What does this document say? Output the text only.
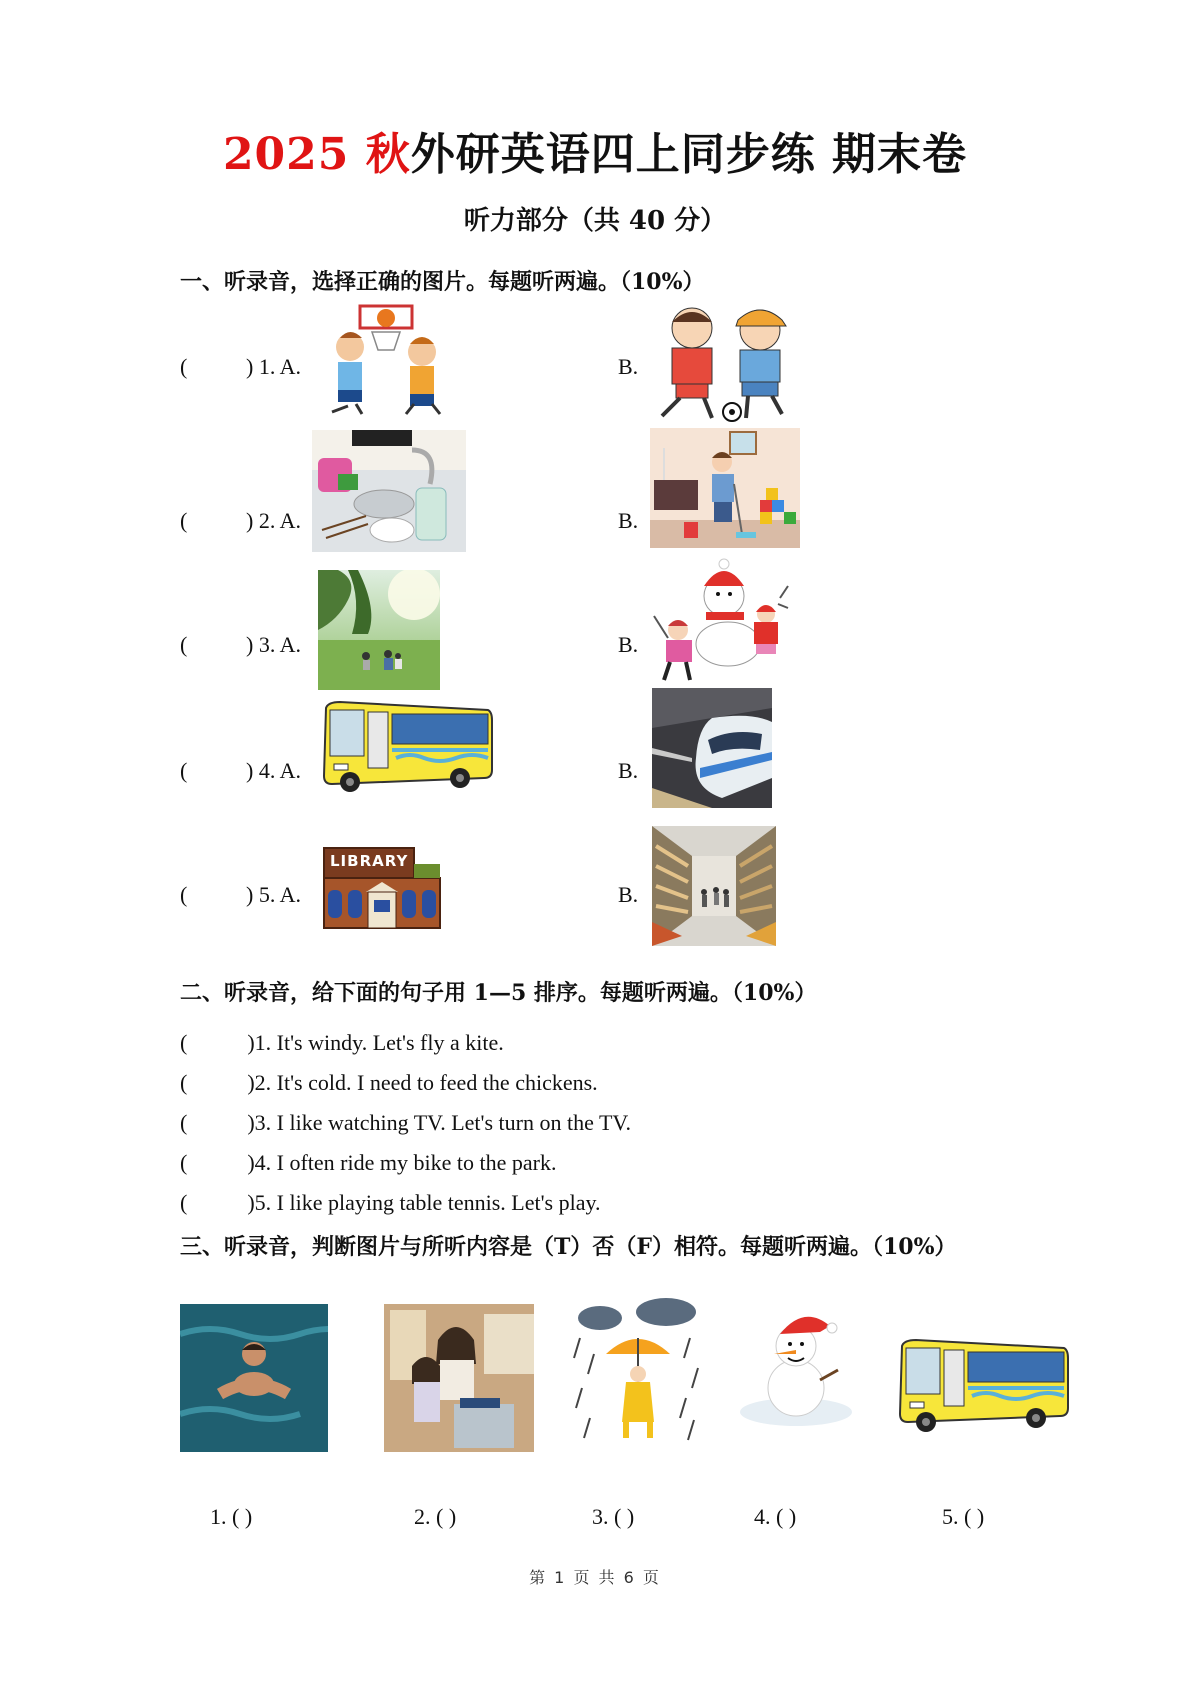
2025 秋外研英语四上同步练 期末卷
听力部分（共 40 分）
一、听录音，选择正确的图片。每题听两遍。（10%）
(	) 1. A.	B.
(	) 2. A.	B.
(	) 3. A.	B.
(	) 4. A.	B.
(	) 5. A.	B.
LIBRARY
二、听录音，给下面的句子用 1—5 排序。每题听两遍。（10%）
(	)1. It's windy. Let's fly a kite.
(	)2. It's cold. I need to feed the chickens.
(	)3. I like watching TV. Let's turn on the TV.
(	)4. I often ride my bike to the park.
(	)5. I like playing table tennis. Let's play.
三、听录音，判断图片与所听内容是（T）否（F）相符。每题听两遍。（10%）
1. ( )	2. ( )	3. ( )	4. ( )	5. ( )
第 1 页 共 6 页
